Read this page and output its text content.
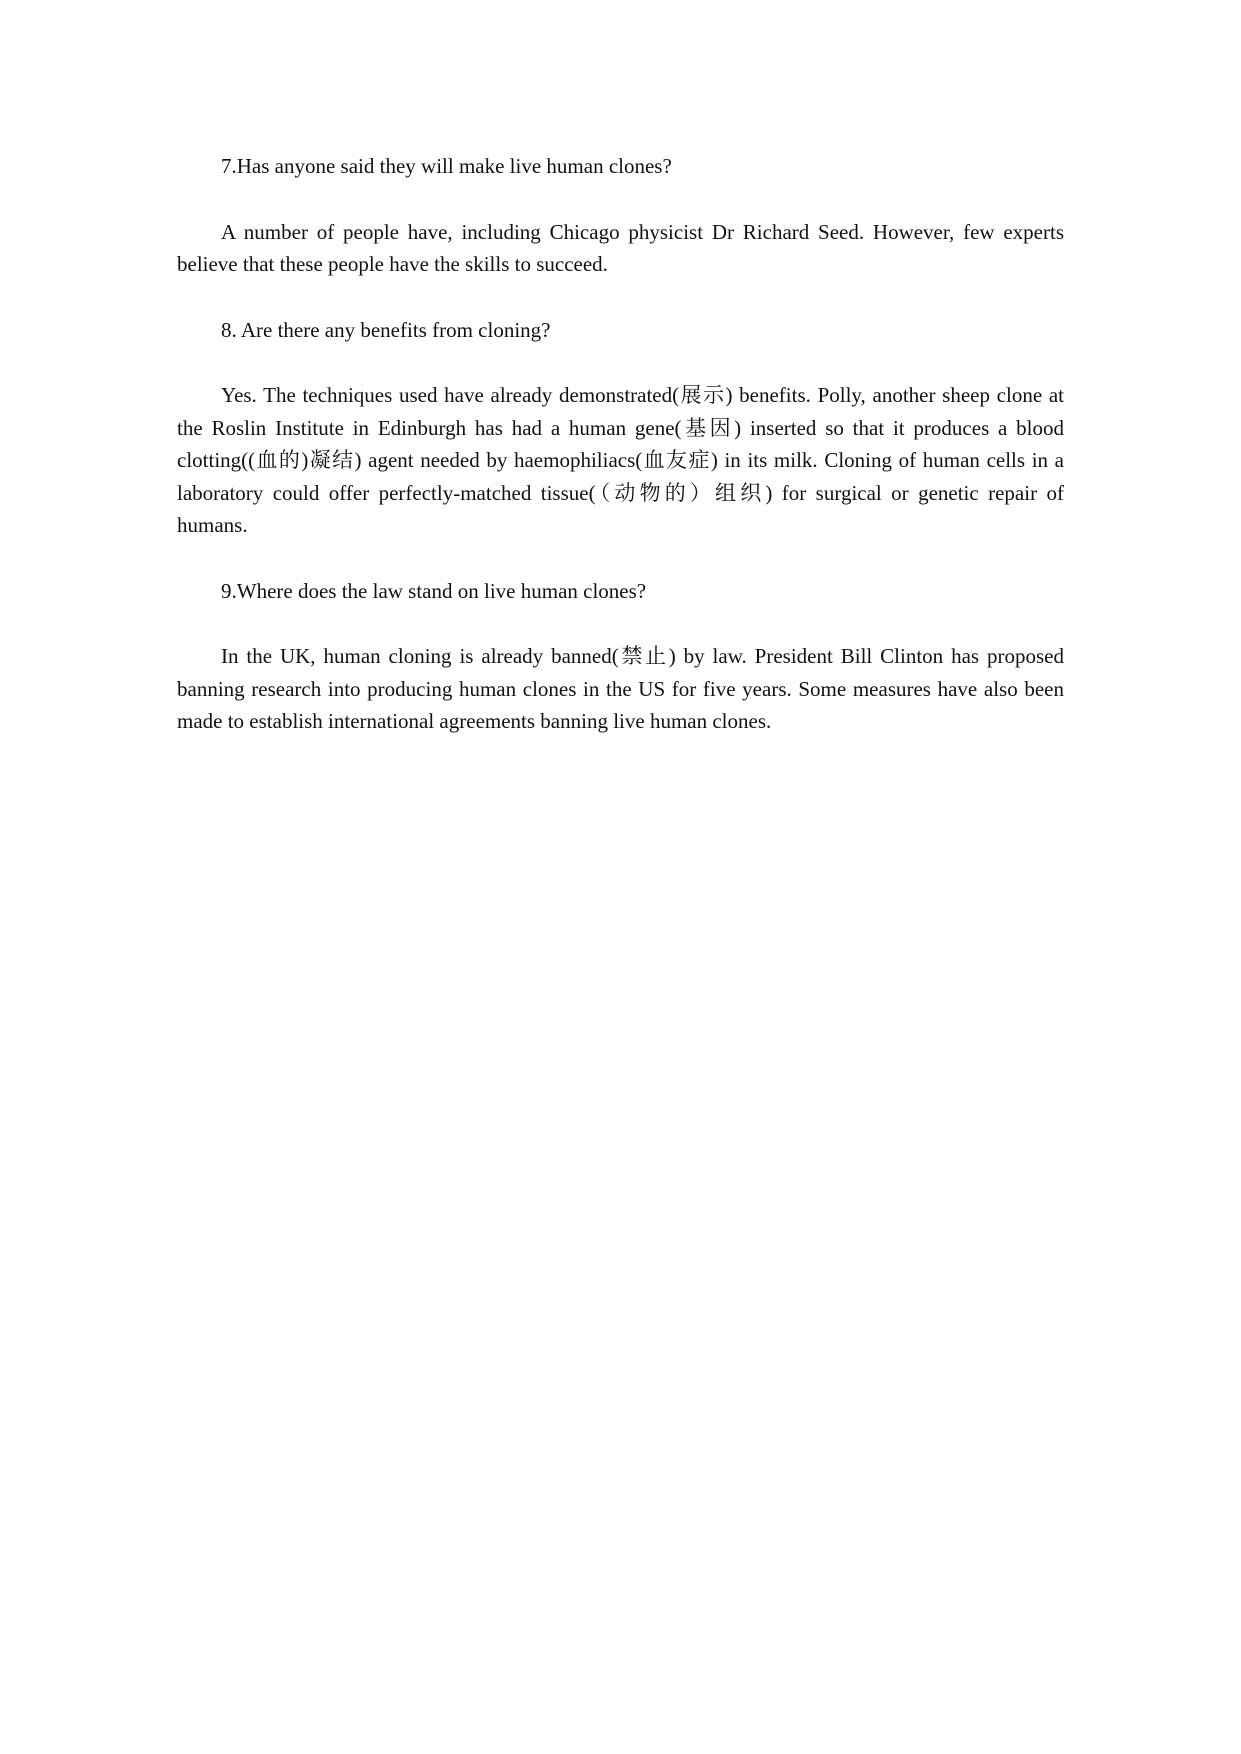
7.Has anyone said they will make live human clones?

A number of people have, including Chicago physicist Dr Richard Seed. However, few experts believe that these people have the skills to succeed.

8. Are there any benefits from cloning?

Yes. The techniques used have already demonstrated(展示) benefits. Polly, another sheep clone at the Roslin Institute in Edinburgh has had a human gene(基因) inserted so that it produces a blood clotting((血的)凝结) agent needed by haemophiliacs(血友症) in its milk. Cloning of human cells in a laboratory could offer perfectly-matched tissue(（动物的）组织) for surgical or genetic repair of humans.

9.Where does the law stand on live human clones?

In the UK, human cloning is already banned(禁止) by law. President Bill Clinton has proposed banning research into producing human clones in the US for five years. Some measures have also been made to establish international agreements banning live human clones.
